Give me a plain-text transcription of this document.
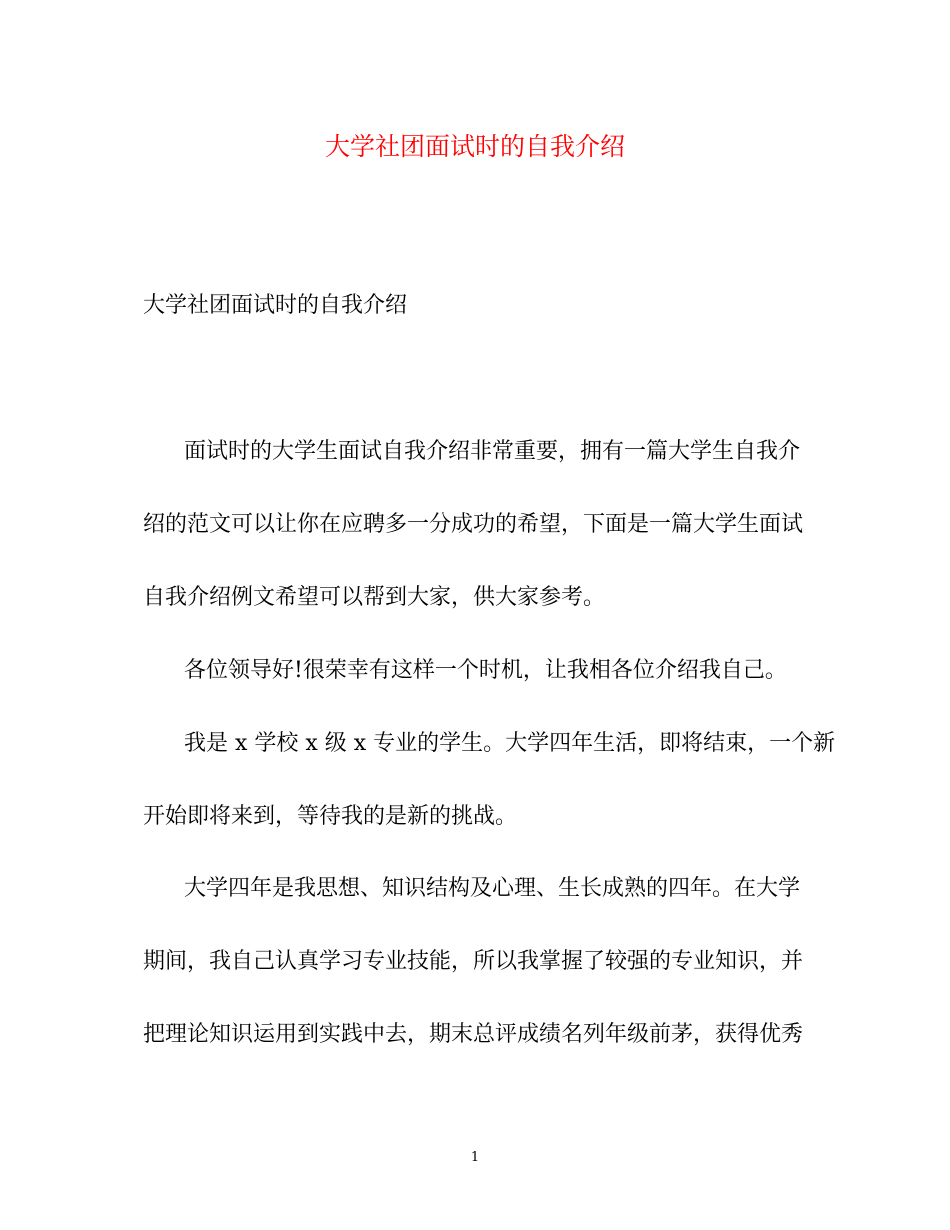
大学社团面试时的自我介绍
大学社团面试时的自我介绍
面试时的大学生面试自我介绍非常重要，拥有一篇大学生自我介
绍的范文可以让你在应聘多一分成功的希望，下面是一篇大学生面试
自我介绍例文希望可以帮到大家，供大家参考。
各位领导好!很荣幸有这样一个时机，让我相各位介绍我自己。
我是 x 学校 x 级 x 专业的学生。大学四年生活，即将结束，一个新
开始即将来到，等待我的是新的挑战。
大学四年是我思想、知识结构及心理、生长成熟的四年。在大学
期间，我自己认真学习专业技能，所以我掌握了较强的专业知识，并
把理论知识运用到实践中去，期末总评成绩名列年级前茅，获得优秀
1
